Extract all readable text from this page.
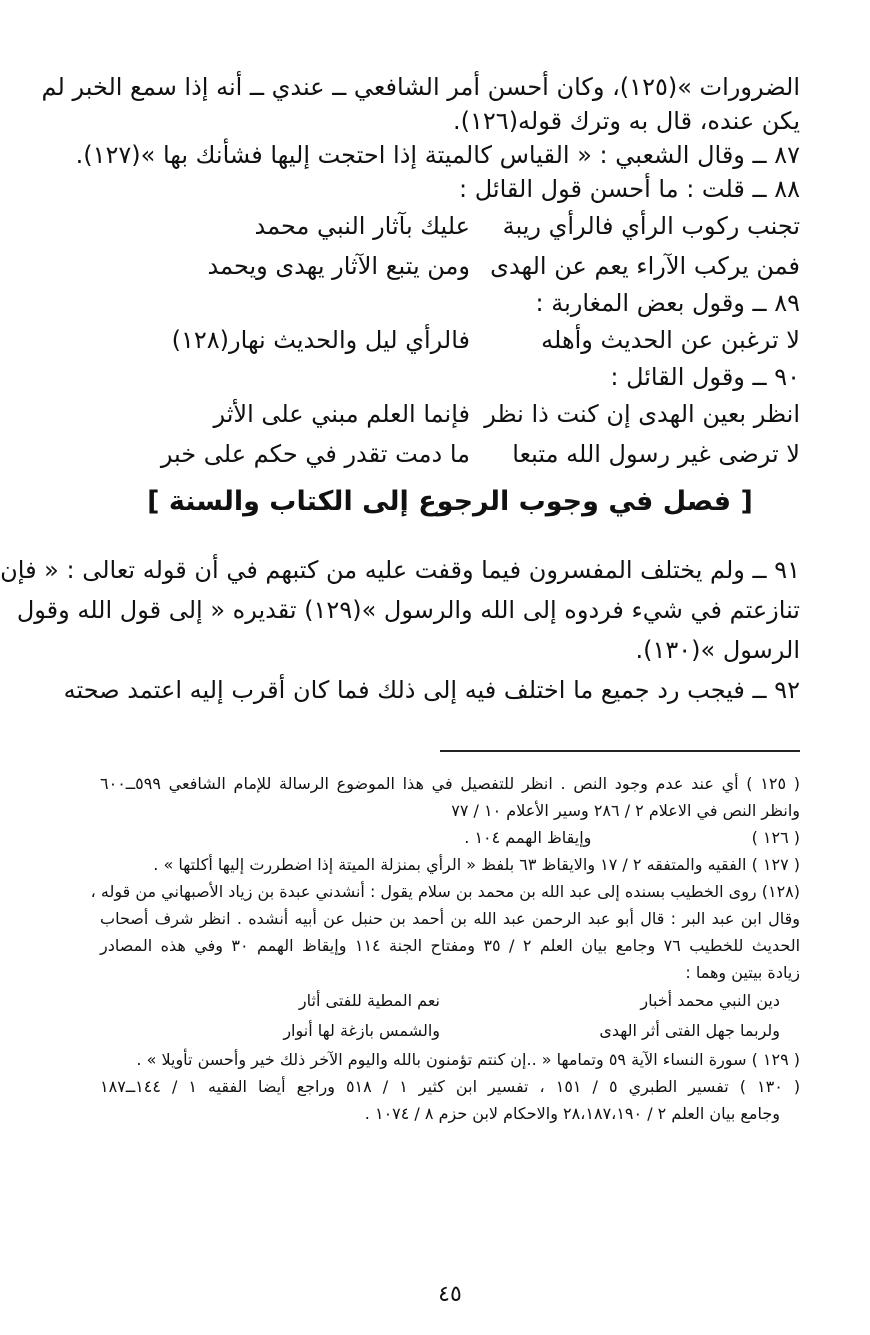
الضرورات »(١٢٥)، وكان أحسن أمر الشافعي ــ عندي ــ أنه إذا سمع الخبر لم

يكن عنده، قال به وترك قوله(١٢٦).

٨٧ ــ وقال الشعبي : « القياس كالميتة إذا احتجت إليها فشأنك بها »(١٢٧).

٨٨ ــ قلت : ما أحسن قول القائل :

تجنب ركوب الرأي فالرأي ريبة
عليك بآثار النبي محمد
فمن يركب الآراء يعم عن الهدى
ومن يتبع الآثار يهدى ويحمد

٨٩ ــ وقول بعض المغاربة :

لا ترغبن عن الحديث وأهله
فالرأي ليل والحديث نهار(١٢٨)

٩٠ ــ وقول القائل :

انظر بعين الهدى إن كنت ذا نظر
فإنما العلم مبني على الأثر
لا ترضى غير رسول الله متبعا
ما دمت تقدر في حكم على خبر
[ فصل في وجوب الرجوع إلى الكتاب والسنة ]

٩١ ــ ولم يختلف المفسرون فيما وقفت عليه من كتبهم في أن قوله تعالى : « فإن

تنازعتم في شيء فردوه إلى الله والرسول »(١٢٩) تقديره « إلى قول الله وقول

الرسول »(١٣٠).

٩٢ ــ فيجب رد جميع ما اختلف فيه إلى ذلك فما كان أقرب إليه اعتمد صحته

( ١٢٥ ) أي عند عدم وجود النص . انظر للتفصيل في هذا الموضوع الرسالة للإمام الشافعي ٥٩٩ــ٦٠٠
وانظر النص في الاعلام ٢ / ٢٨٦ وسير الأعلام ١٠ / ٧٧
( ١٢٦ )  وإيقاظ الهمم ١٠٤ .
( ١٢٧ ) الفقيه والمتفقه ٢ / ١٧ والايقاظ ٦٣ بلفظ « الرأي بمنزلة الميتة إذا اضطررت إليها أكلتها » .
(١٢٨) روى الخطيب بسنده إلى عبد الله بن محمد بن سلام يقول : أنشدني عبدة بن زياد الأصبهاني من قوله ،
وقال ابن عبد البر : قال أبو عبد الرحمن عبد الله بن أحمد بن حنبل عن أبيه أنشده . انظر شرف أصحاب
الحديث للخطيب ٧٦ وجامع بيان العلم ٢ / ٣٥ ومفتاح الجنة ١١٤ وإيقاظ الهمم ٣٠ وفي هذه المصادر
زيادة بيتين وهما :
دين النبي محمد أخبار
نعم المطية للفتى أثار
ولربما جهل الفتى أثر الهدى
والشمس بازغة لها أنوار
( ١٢٩ ) سورة النساء الآية ٥٩ وتمامها « ..إن كنتم تؤمنون بالله واليوم الآخر ذلك خير وأحسن تأويلا » .
( ١٣٠ ) تفسير الطبري ٥ / ١٥١ ، تفسير ابن كثير ١ / ٥١٨ وراجع أيضا الفقيه ١ / ١٤٤ــ١٨٧
وجامع بيان العلم ٢ / ٢٨،١٨٧،١٩٠ والاحكام لابن حزم ٨ / ١٠٧٤ .
٤٥
